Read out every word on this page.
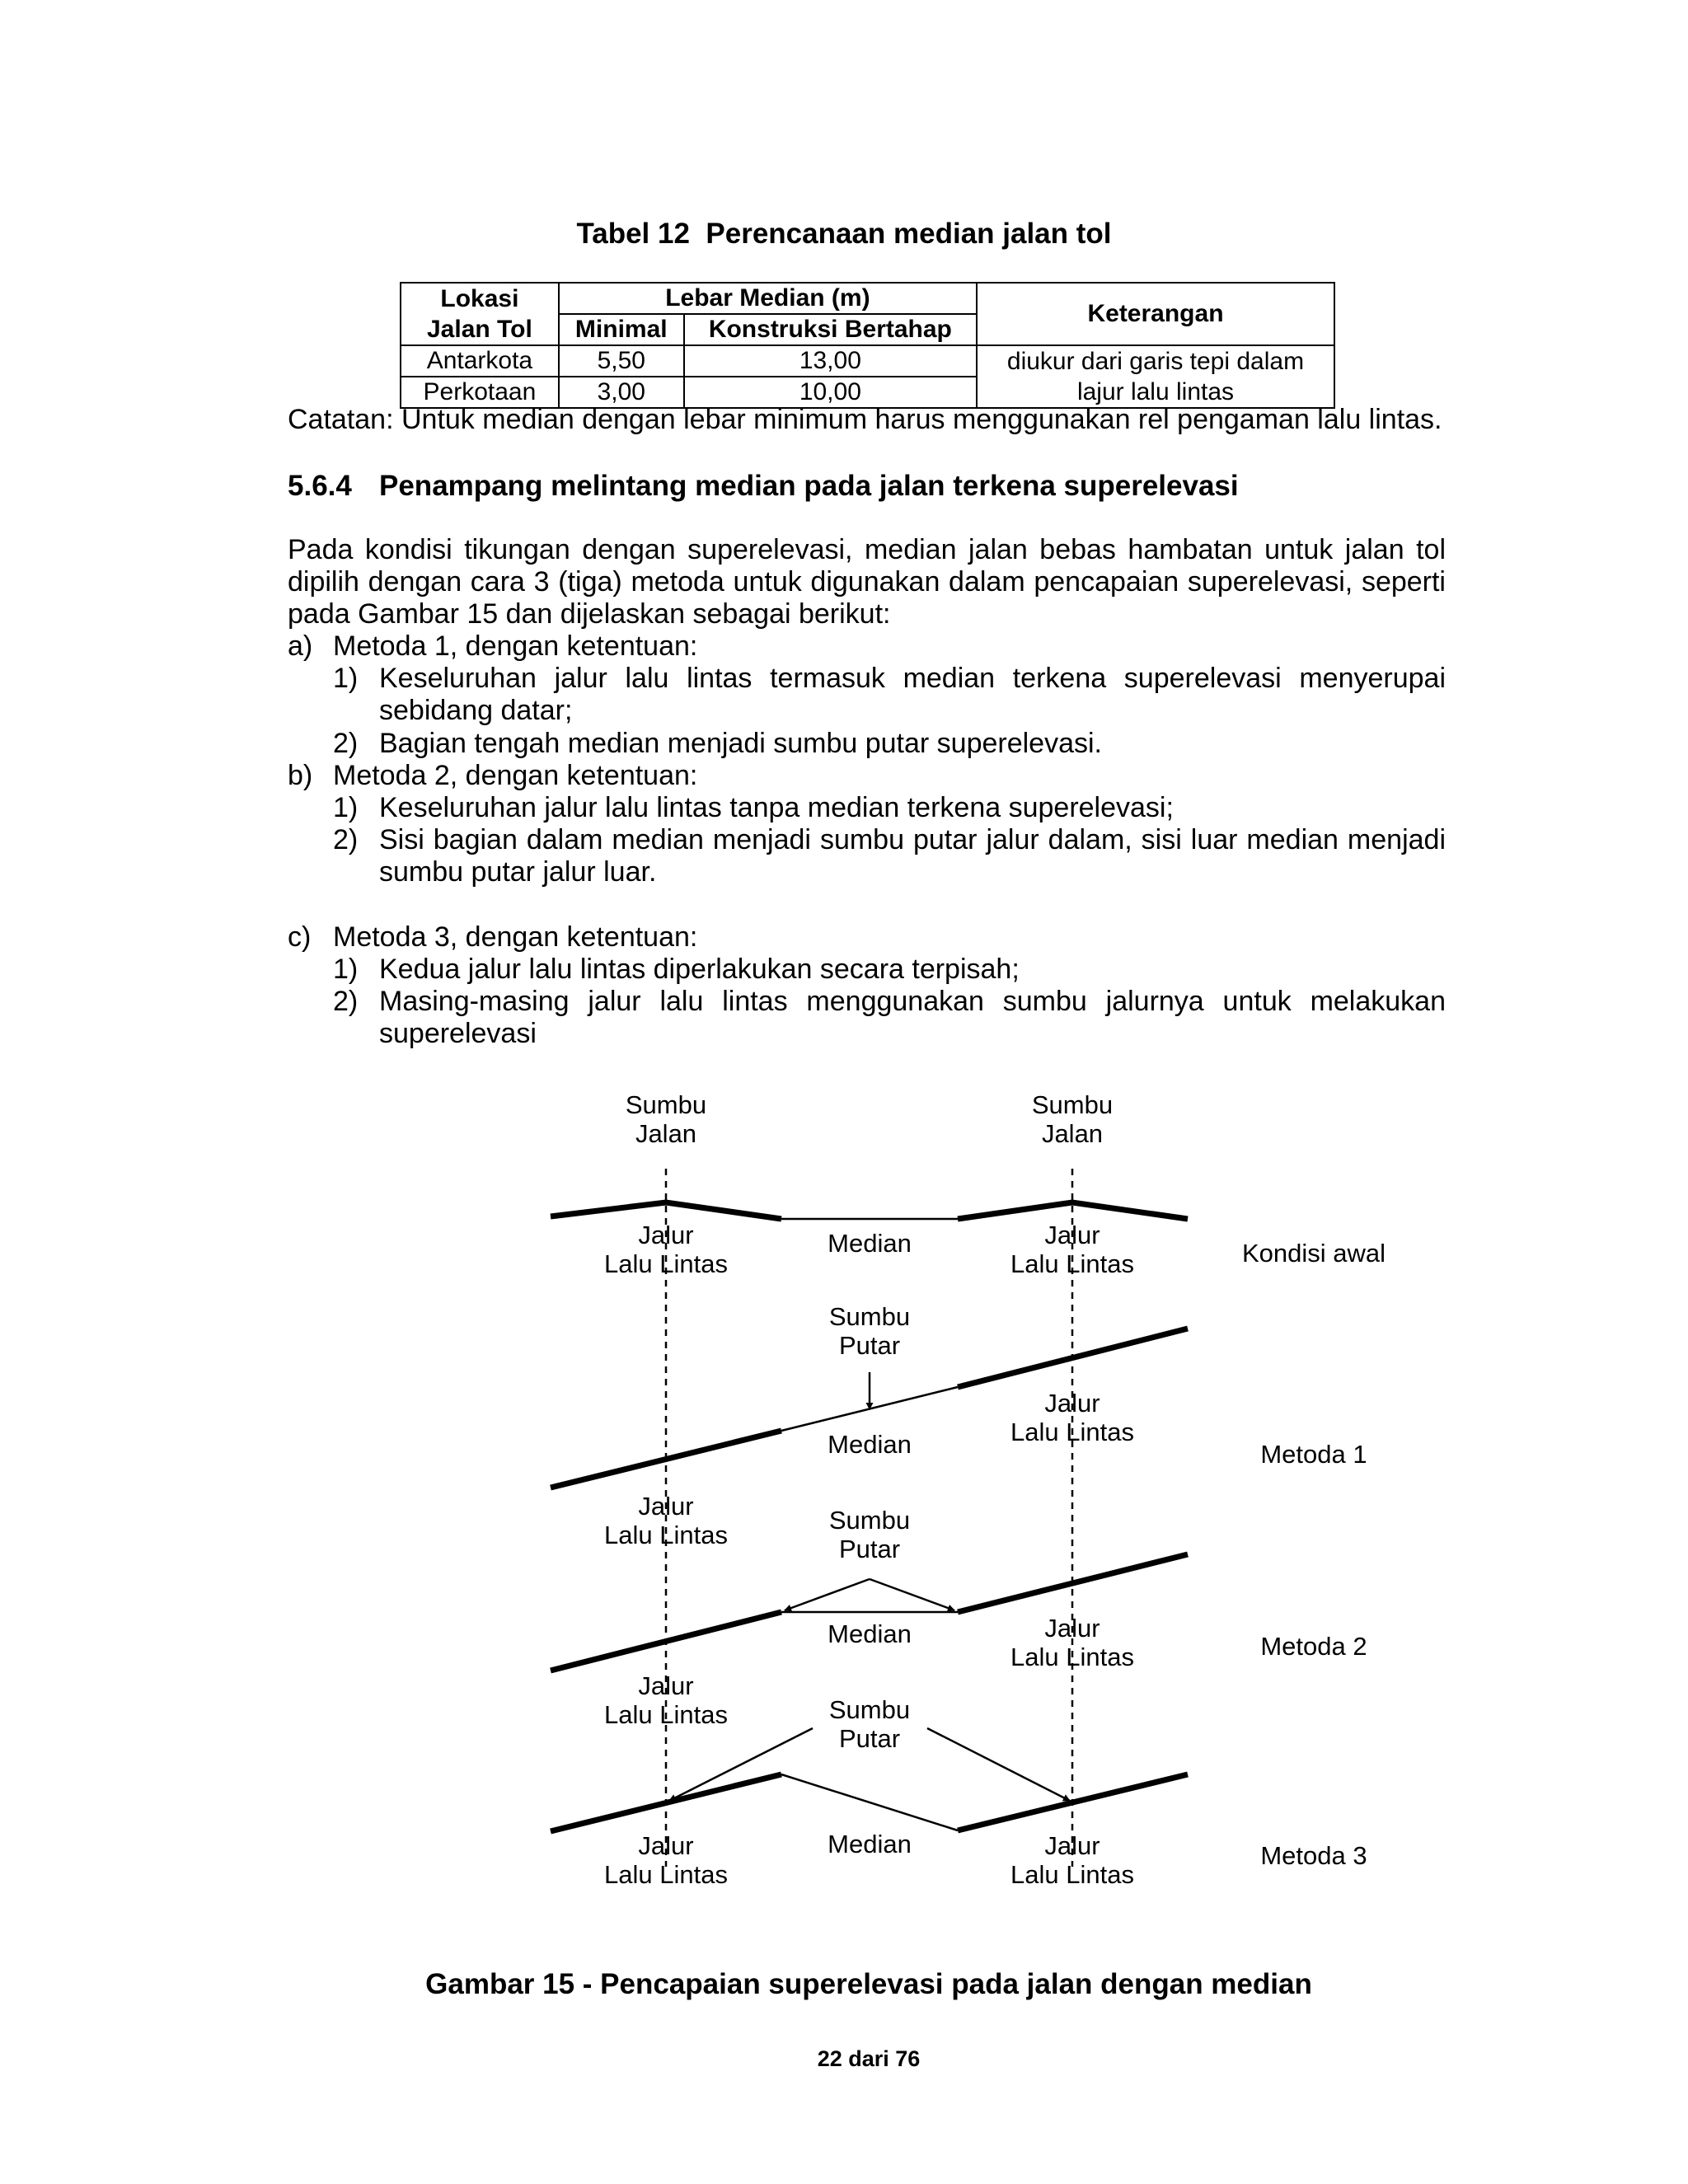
Tabel 12  Perencanaan median jalan tol
Lokasi	Lebar Median (m)		Keterangan
Jalan Tol	Minimal	Konstruksi Bertahap	
Antarkota	5,50	13,00	diukur dari garis tepi dalam
Perkotaan	3,00	10,00	lajur lalu lintas
Catatan: Untuk median dengan lebar minimum harus menggunakan rel pengaman lalu lintas.
5.6.4 Penampang melintang median pada jalan terkena superelevasi
Pada kondisi tikungan dengan superelevasi, median jalan bebas hambatan untuk jalan tol dipilih dengan cara 3 (tiga) metoda untuk digunakan dalam pencapaian superelevasi, seperti pada Gambar 15 dan dijelaskan sebagai berikut:
a) Metoda 1, dengan ketentuan:
1) Keseluruhan jalur lalu lintas termasuk median terkena superelevasi menyerupai sebidang datar;
2) Bagian tengah median menjadi sumbu putar superelevasi.
b) Metoda 2, dengan ketentuan:
1) Keseluruhan jalur lalu lintas tanpa median terkena superelevasi;
2) Sisi bagian dalam median menjadi sumbu putar jalur dalam, sisi luar median menjadi sumbu putar jalur luar.
c) Metoda 3, dengan ketentuan:
1) Kedua jalur lalu lintas diperlakukan secara terpisah;
2) Masing-masing jalur lalu lintas menggunakan sumbu jalurnya untuk melakukan superelevasi
Sumbu
Jalan
Sumbu
Jalan
Jalur
Lalu Lintas
Median	Jalur
Lalu Lintas	Kondisi awal
Sumbu
Putar
Jalur
Lalu Lintas
Median	Metoda 1
Jalur
Lalu Lintas
Sumbu
Putar
Median	Jalur
Lalu Lintas	Metoda 2
Jalur
Lalu Lintas	Sumbu
Putar
Jalur
Lalu Lintas
Median	Jalur
Lalu Lintas
Metoda 3
Gambar 15 - Pencapaian superelevasi pada jalan dengan median
22 dari 76
